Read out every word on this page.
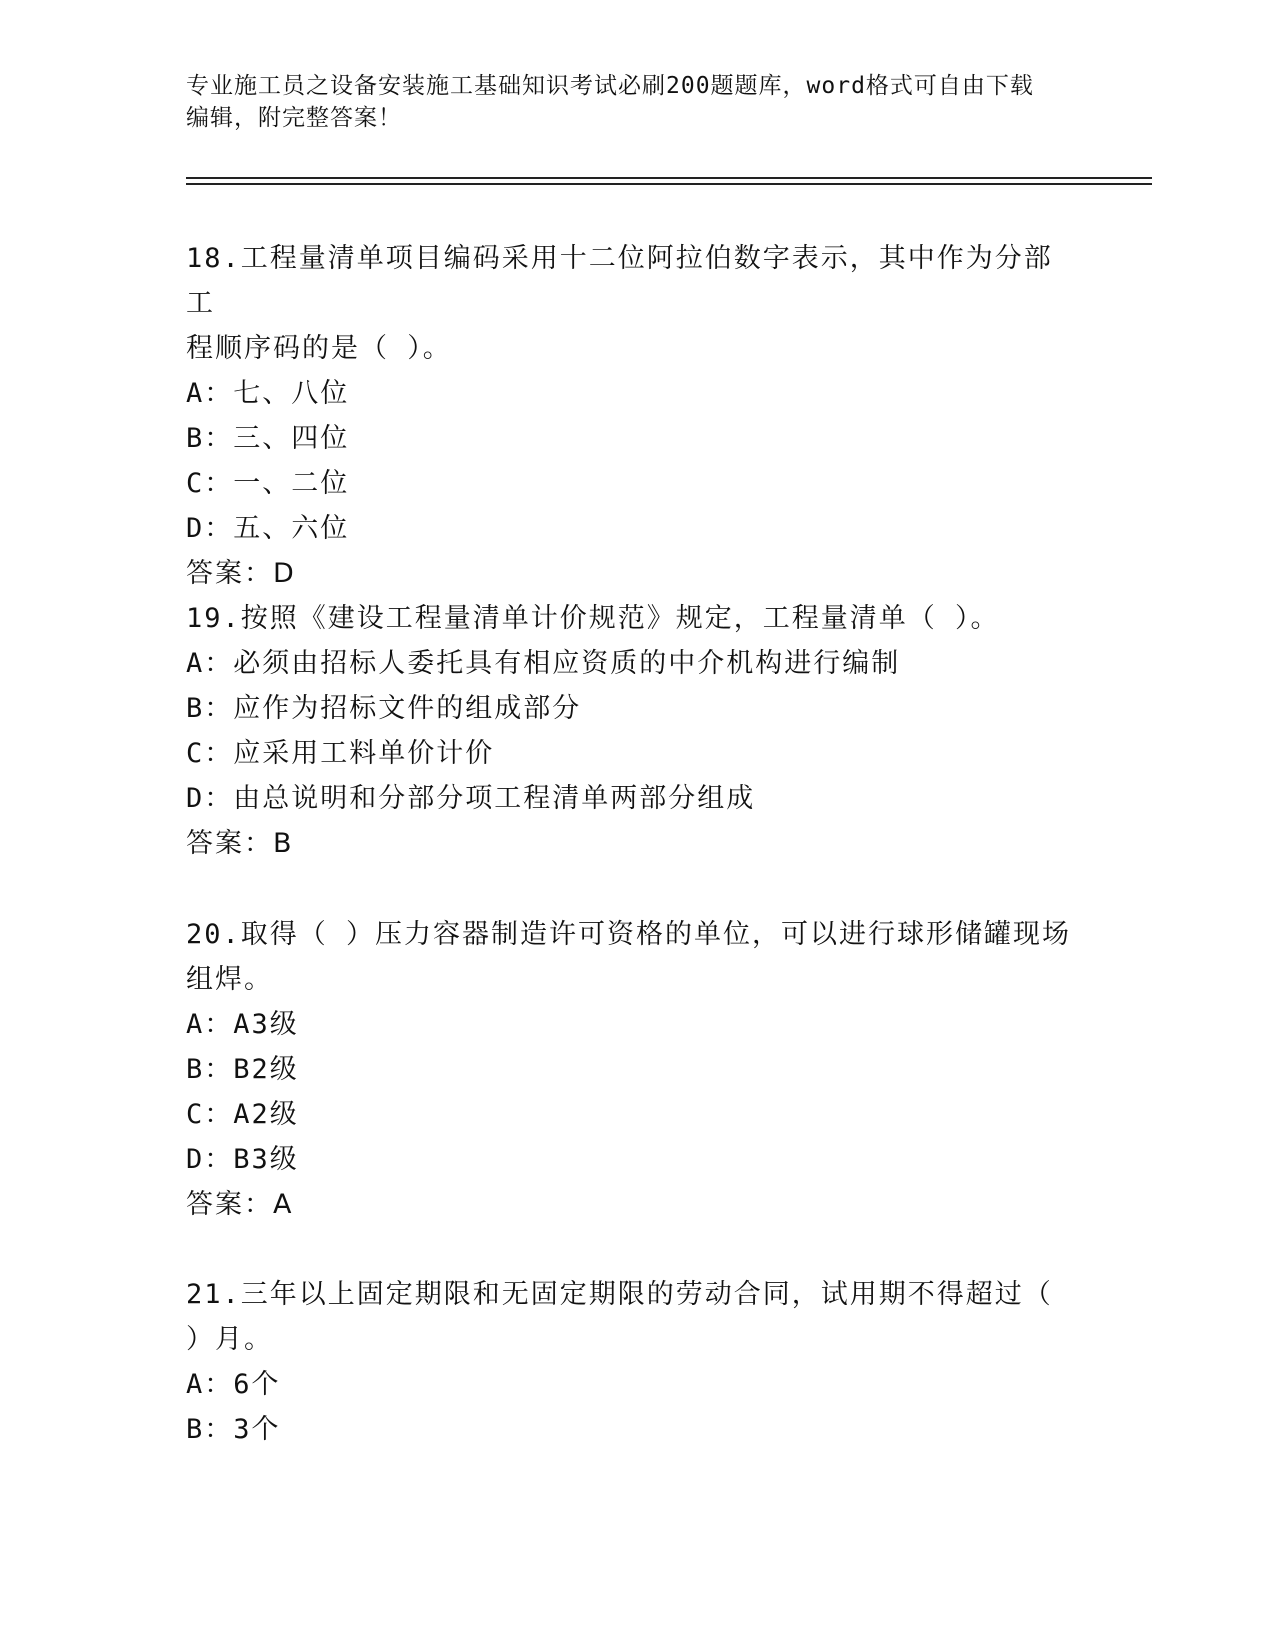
专业施工员之设备安装施工基础知识考试必刷200题题库，word格式可自由下载
编辑，附完整答案！

18.工程量清单项目编码采用十二位阿拉伯数字表示，其中作为分部工

程顺序码的是（ ）。

A：七、八位

B：三、四位

C：一、二位

D：五、六位

答案：D

19.按照《建设工程量清单计价规范》规定，工程量清单（ ）。

A：必须由招标人委托具有相应资质的中介机构进行编制

B：应作为招标文件的组成部分

C：应采用工料单价计价

D：由总说明和分部分项工程清单两部分组成

答案：B

20.取得（ ）压力容器制造许可资格的单位，可以进行球形储罐现场

组焊。

A：A3级

B：B2级

C：A2级

D：B3级

答案：A

21.三年以上固定期限和无固定期限的劳动合同，试用期不得超过（

）月。

A：6个

B：3个
